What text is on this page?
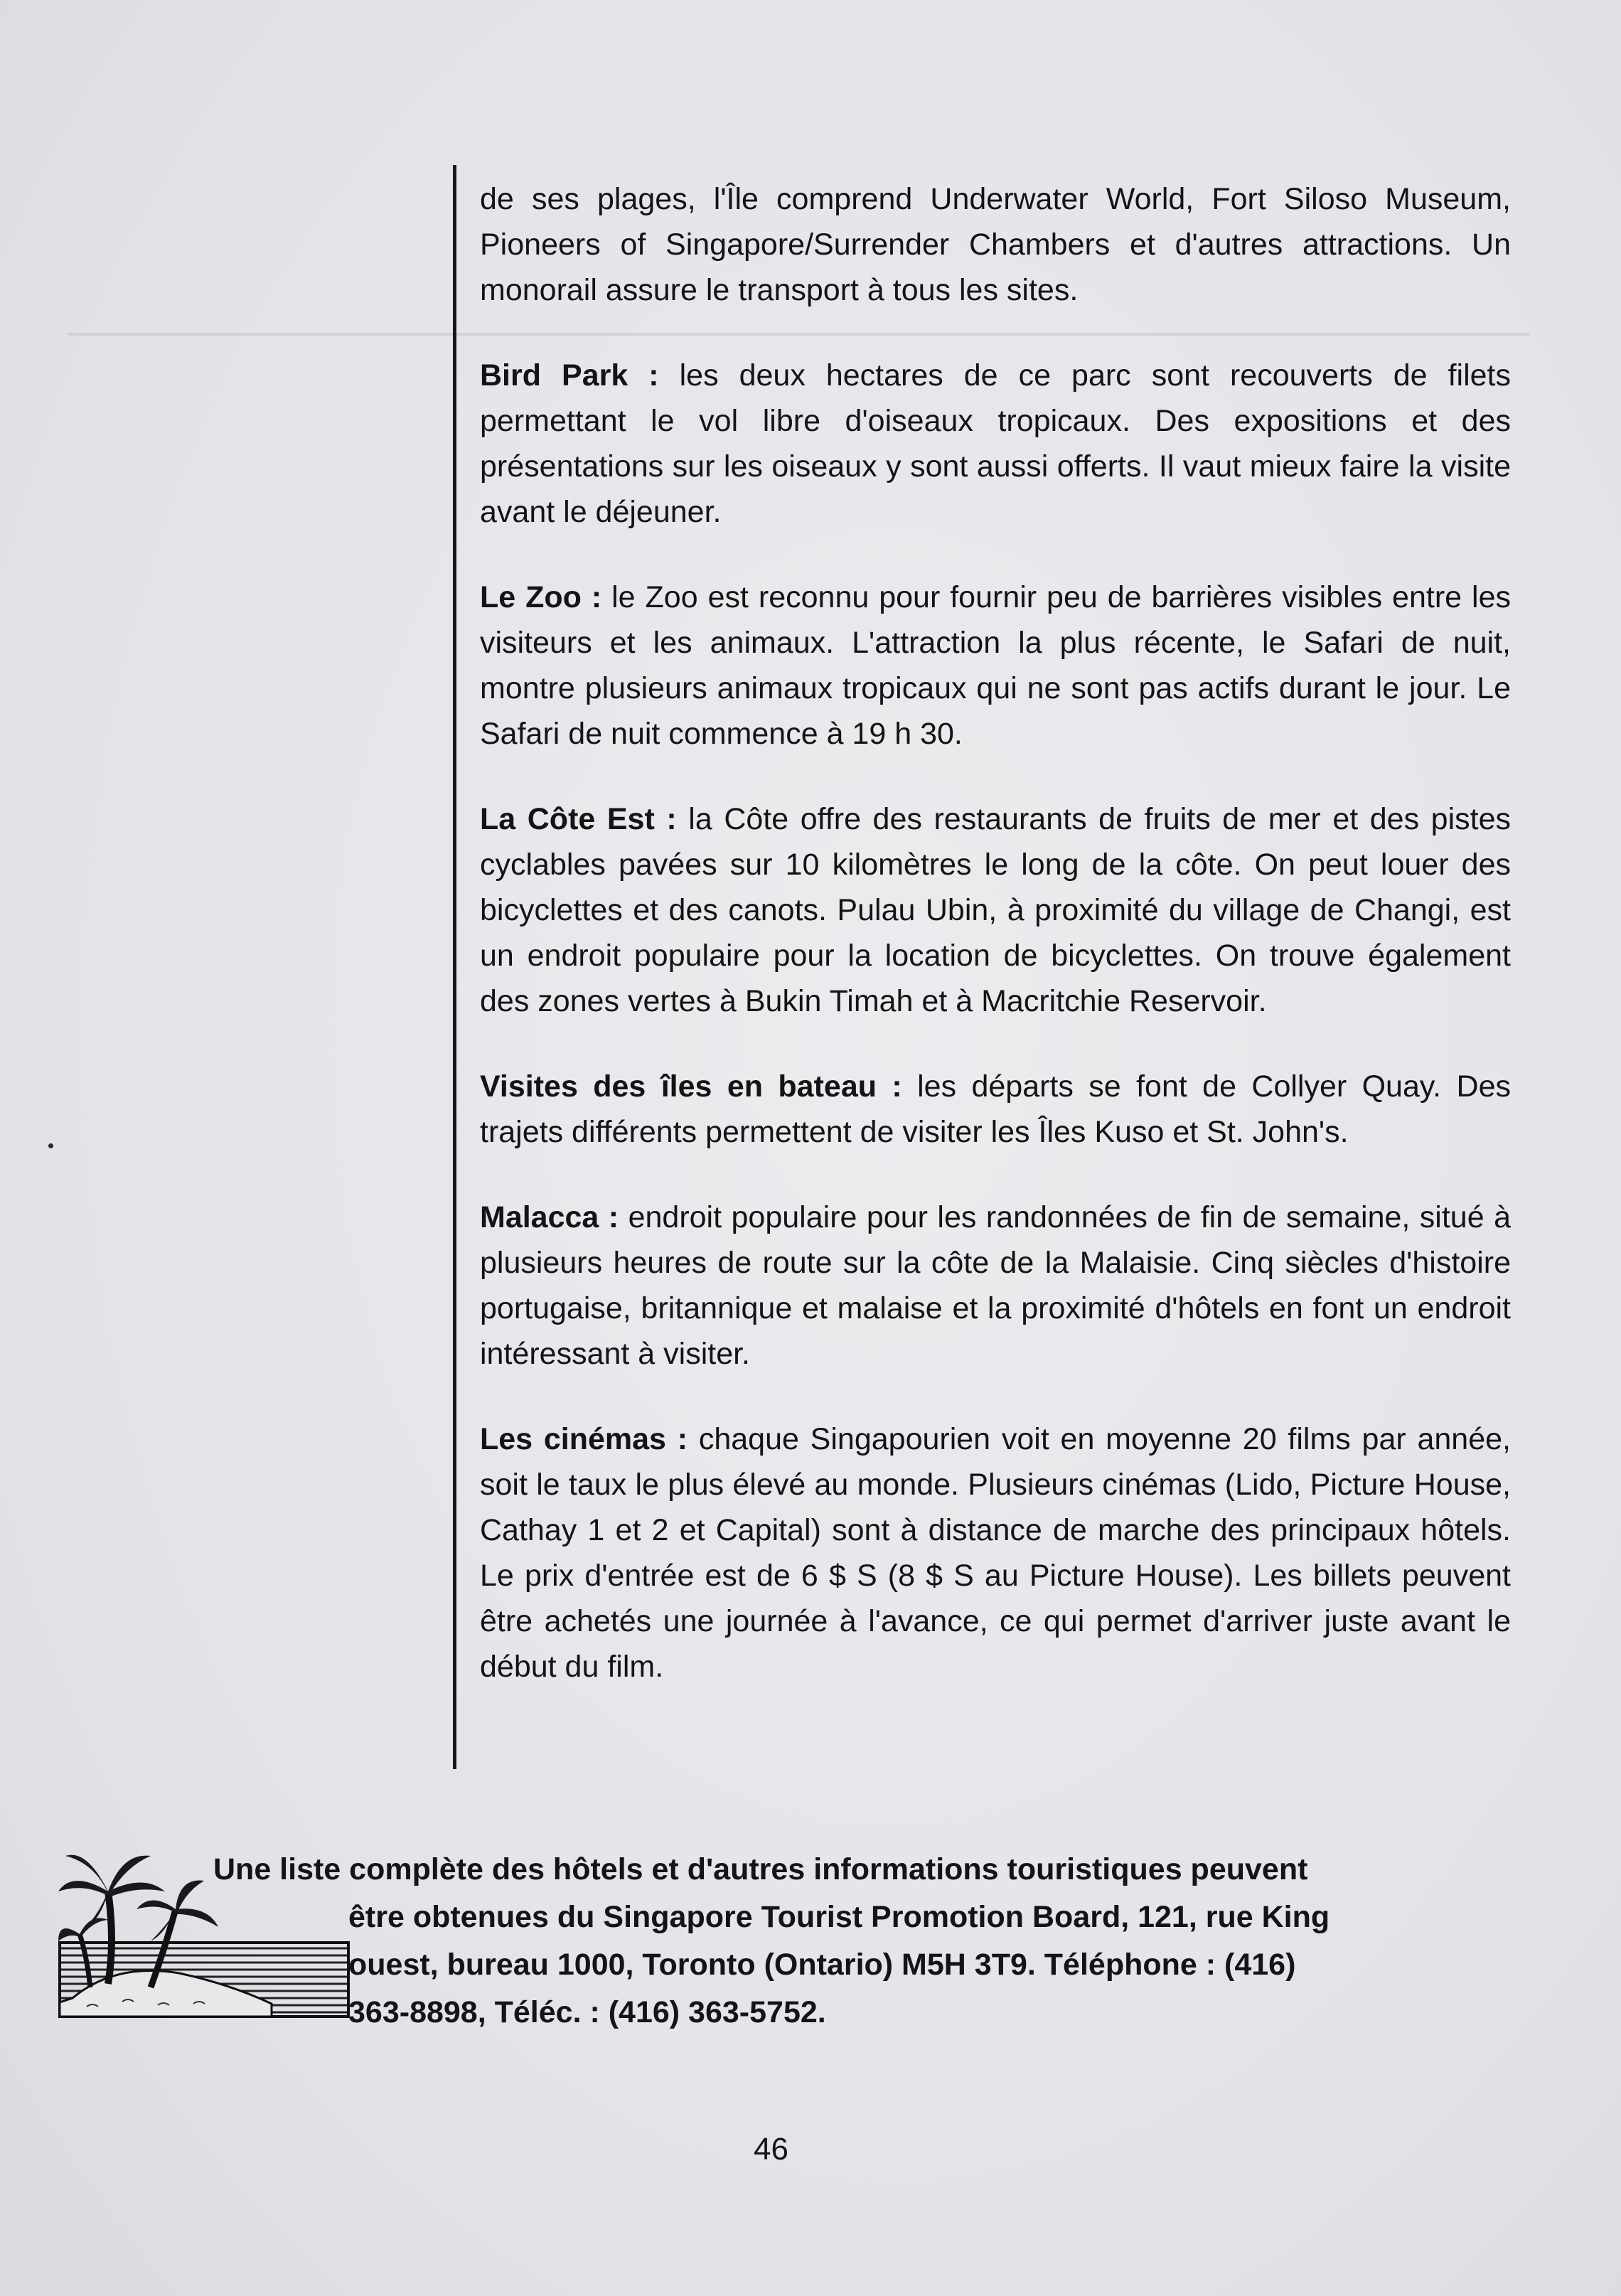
de ses plages, l'Île comprend Underwater World, Fort Siloso Museum, Pioneers of Singapore/Surrender Chambers et d'autres attractions. Un monorail assure le transport à tous les sites.

Bird Park : les deux hectares de ce parc sont recouverts de filets permettant le vol libre d'oiseaux tropicaux. Des expositions et des présentations sur les oiseaux y sont aussi offerts. Il vaut mieux faire la visite avant le déjeuner.

Le Zoo : le Zoo est reconnu pour fournir peu de barrières visibles entre les visiteurs et les animaux. L'attraction la plus récente, le Safari de nuit, montre plusieurs animaux tropicaux qui ne sont pas actifs durant le jour. Le Safari de nuit commence à 19 h 30.

La Côte Est : la Côte offre des restaurants de fruits de mer et des pistes cyclables pavées sur 10 kilomètres le long de la côte. On peut louer des bicyclettes et des canots. Pulau Ubin, à proximité du village de Changi, est un endroit populaire pour la location de bicyclettes. On trouve également des zones vertes à Bukin Timah et à Macritchie Reservoir.

Visites des îles en bateau : les départs se font de Collyer Quay. Des trajets différents permettent de visiter les Îles Kuso et St. John's.

Malacca : endroit populaire pour les randonnées de fin de semaine, situé à plusieurs heures de route sur la côte de la Malaisie. Cinq siècles d'histoire portugaise, britannique et malaise et la proximité d'hôtels en font un endroit intéressant à visiter.

Les cinémas : chaque Singapourien voit en moyenne 20 films par année, soit le taux le plus élevé au monde. Plusieurs cinémas (Lido, Picture House, Cathay 1 et 2 et Capital) sont à distance de marche des principaux hôtels. Le prix d'entrée est de 6 $ S (8 $ S au Picture House). Les billets peuvent être achetés une journée à l'avance, ce qui permet d'arriver juste avant le début du film.

Une liste complète des hôtels et d'autres informations touristiques peuvent
être obtenues du Singapore Tourist Promotion Board, 121, rue King
ouest, bureau 1000, Toronto (Ontario) M5H 3T9. Téléphone : (416)
363-8898, Téléc. : (416) 363-5752.
46
